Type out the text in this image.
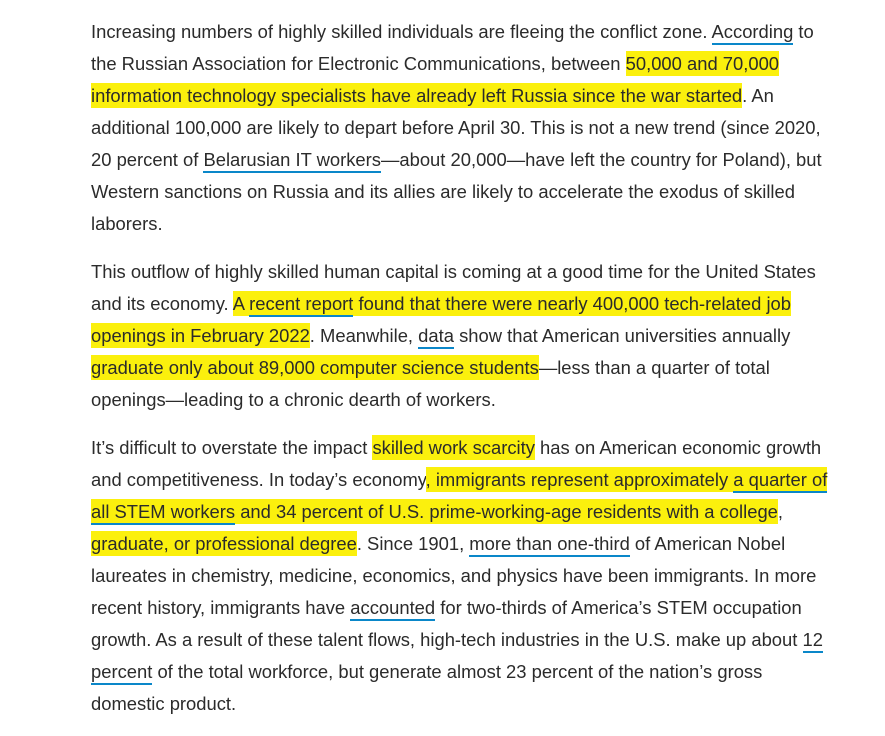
Increasing numbers of highly skilled individuals are fleeing the conflict zone. According to the Russian Association for Electronic Communications, between 50,000 and 70,000 information technology specialists have already left Russia since the war started. An additional 100,000 are likely to depart before April 30. This is not a new trend (since 2020, 20 percent of Belarusian IT workers—about 20,000—have left the country for Poland), but Western sanctions on Russia and its allies are likely to accelerate the exodus of skilled laborers.

This outflow of highly skilled human capital is coming at a good time for the United States and its economy. A recent report found that there were nearly 400,000 tech-related job openings in February 2022. Meanwhile, data show that American universities annually graduate only about 89,000 computer science students—less than a quarter of total openings—leading to a chronic dearth of workers.

It’s difficult to overstate the impact skilled work scarcity has on American economic growth and competitiveness. In today’s economy, immigrants represent approximately a quarter of all STEM workers and 34 percent of U.S. prime-working-age residents with a college, graduate, or professional degree. Since 1901, more than one-third of American Nobel laureates in chemistry, medicine, economics, and physics have been immigrants. In more recent history, immigrants have accounted for two-thirds of America’s STEM occupation growth. As a result of these talent flows, high-tech industries in the U.S. make up about 12 percent of the total workforce, but generate almost 23 percent of the nation’s gross domestic product.
